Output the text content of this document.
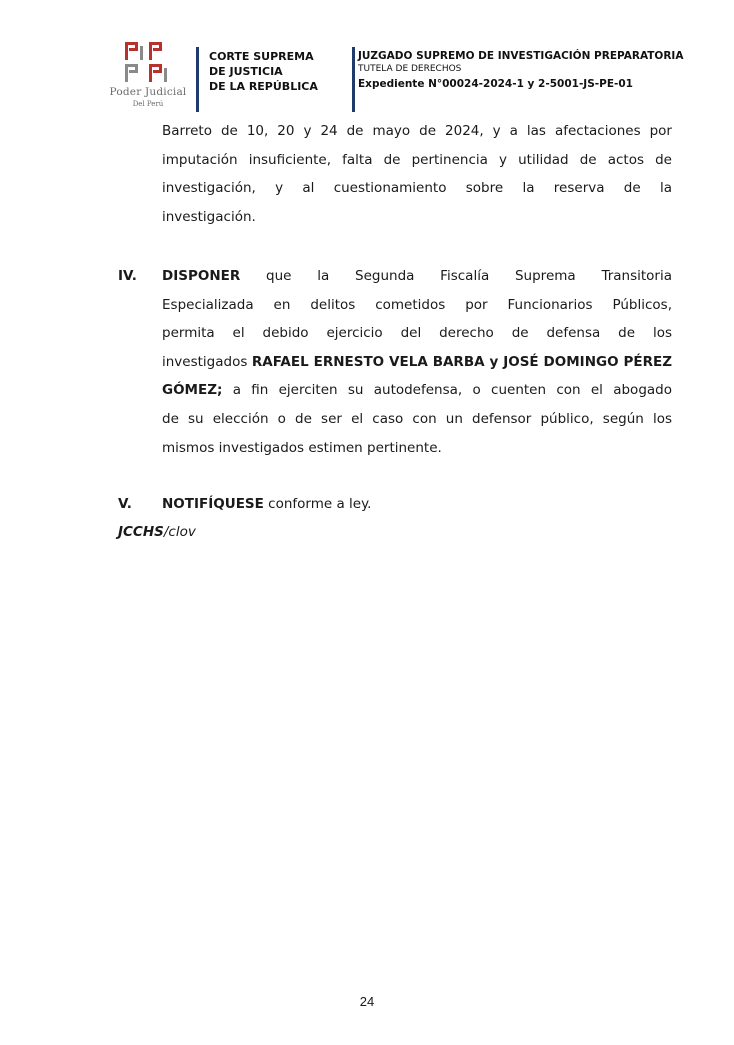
Poder Judicial
Del Perú
CORTE SUPREMA
DE JUSTICIA
DE LA REPÚBLICA
JUZGADO SUPREMO DE INVESTIGACIÓN PREPARATORIA
TUTELA DE DERECHOS
Expediente N°00024-2024-1 y 2-5001-JS-PE-01
Barreto de 10, 20 y 24 de mayo de 2024, y a las afectaciones por
imputación insuficiente, falta de pertinencia y utilidad de actos de
investigación, y al cuestionamiento sobre la reserva de la
investigación.
IV. DISPONER que la Segunda Fiscalía Suprema Transitoria
Especializada en delitos cometidos por Funcionarios Públicos,
permita el debido ejercicio del derecho de defensa de los
investigados RAFAEL ERNESTO VELA BARBA y JOSÉ DOMINGO PÉREZ
GÓMEZ; a fin ejerciten su autodefensa, o cuenten con el abogado
de su elección o de ser el caso con un defensor público, según los
mismos investigados estimen pertinente.
V. NOTIFÍQUESE conforme a ley.
JCCHS/clov
24
